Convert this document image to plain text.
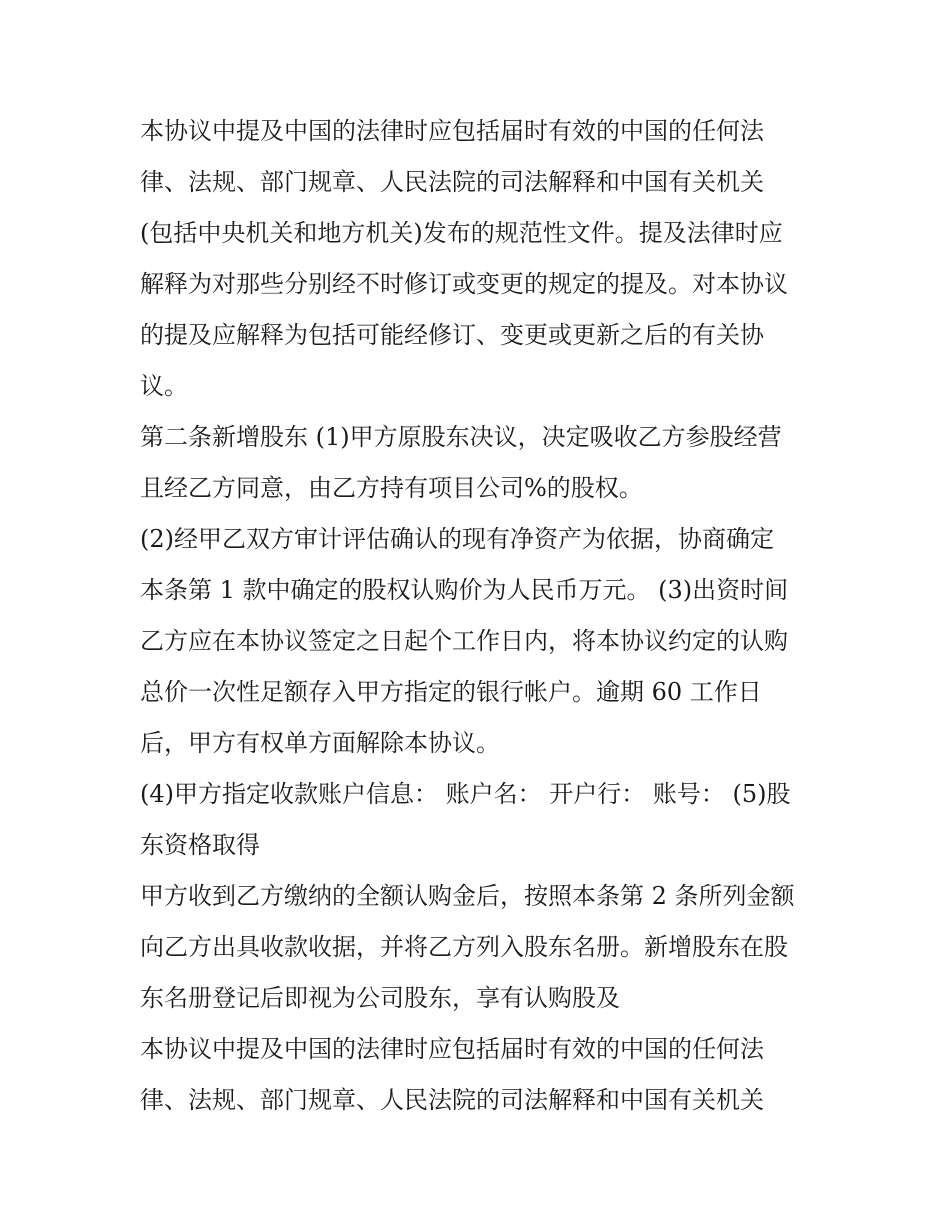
本协议中提及中国的法律时应包括届时有效的中国的任何法
律、法规、部门规章、人民法院的司法解释和中国有关机关
(包括中央机关和地方机关)发布的规范性文件。提及法律时应
解释为对那些分别经不时修订或变更的规定的提及。对本协议
的提及应解释为包括可能经修订、变更或更新之后的有关协
议。
第二条新增股东 (1)甲方原股东决议，决定吸收乙方参股经营
且经乙方同意，由乙方持有项目公司%的股权。
(2)经甲乙双方审计评估确认的现有净资产为依据，协商确定
本条第 1 款中确定的股权认购价为人民币万元。 (3)出资时间
乙方应在本协议签定之日起个工作日内，将本协议约定的认购
总价一次性足额存入甲方指定的银行帐户。逾期 60 工作日
后，甲方有权单方面解除本协议。
(4)甲方指定收款账户信息： 账户名： 开户行： 账号： (5)股
东资格取得
甲方收到乙方缴纳的全额认购金后，按照本条第 2 条所列金额
向乙方出具收款收据，并将乙方列入股东名册。新增股东在股
东名册登记后即视为公司股东，享有认购股及
本协议中提及中国的法律时应包括届时有效的中国的任何法
律、法规、部门规章、人民法院的司法解释和中国有关机关
